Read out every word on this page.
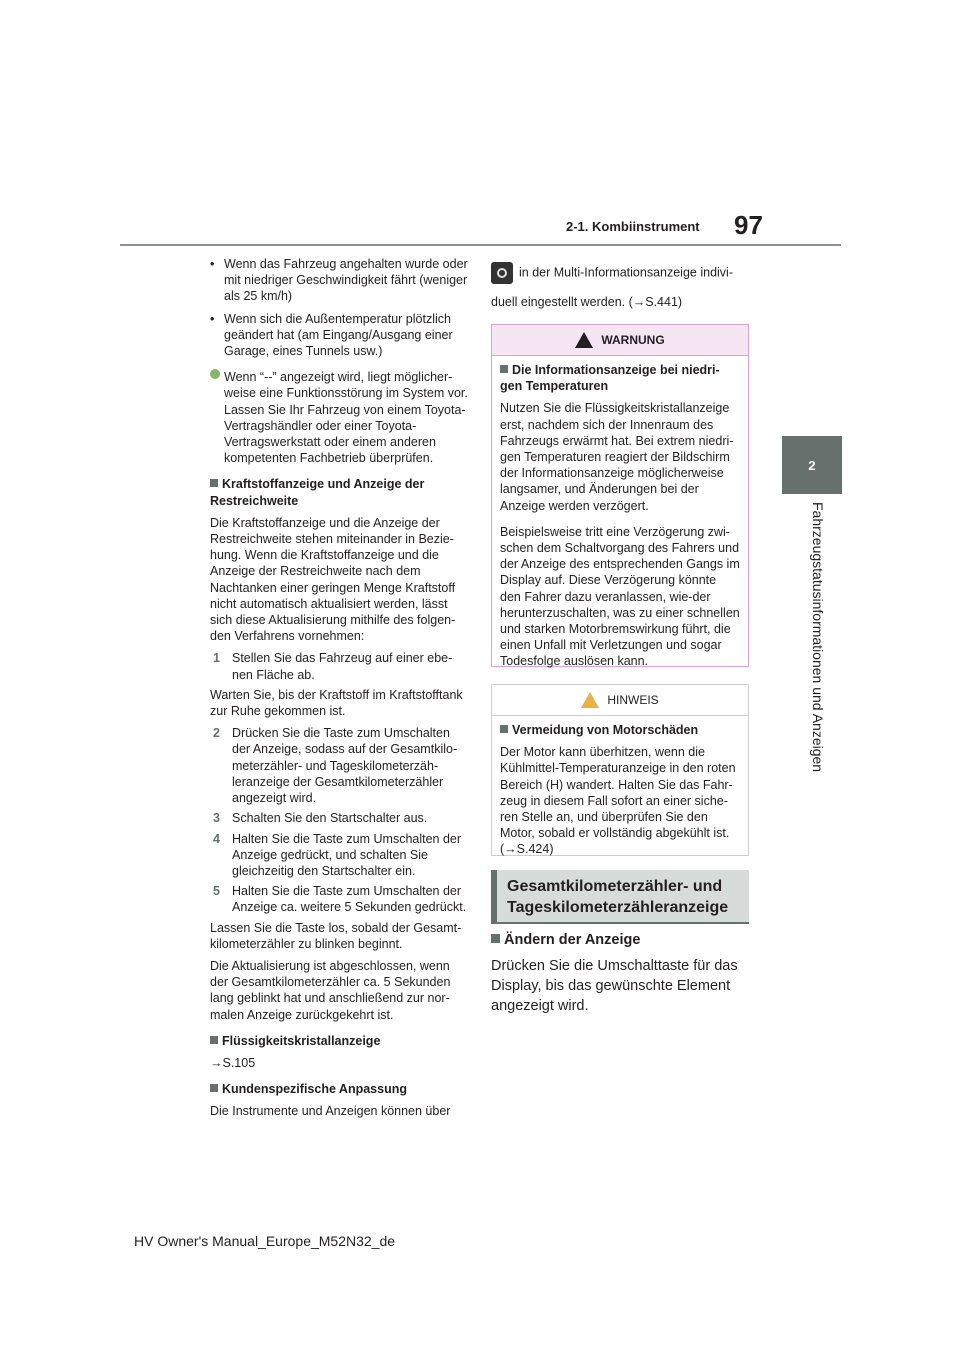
2-1. Kombiinstrument 97
2
Fahrzeugstatusinformationen und Anzeigen
• Wenn das Fahrzeug angehalten wurde oder mit niedriger Geschwindigkeit fährt (weniger als 25 km/h)
• Wenn sich die Außentemperatur plötzlich geändert hat (am Eingang/Ausgang einer Garage, eines Tunnels usw.)
Wenn “--” angezeigt wird, liegt möglicher-weise eine Funktionsstörung im System vor. Lassen Sie Ihr Fahrzeug von einem Toyota-Vertragshändler oder einer Toyota-Vertragswerkstatt oder einem anderen kompetenten Fachbetrieb überprüfen.
Kraftstoffanzeige und Anzeige der Restreichweite
Die Kraftstoffanzeige und die Anzeige der Restreichweite stehen miteinander in Bezie-hung. Wenn die Kraftstoffanzeige und die Anzeige der Restreichweite nach dem Nachtanken einer geringen Menge Kraftstoff nicht automatisch aktualisiert werden, lässt sich diese Aktualisierung mithilfe des folgen-den Verfahrens vornehmen:
1 Stellen Sie das Fahrzeug auf einer ebe-nen Fläche ab.
Warten Sie, bis der Kraftstoff im Kraftstofftank zur Ruhe gekommen ist.
2 Drücken Sie die Taste zum Umschalten der Anzeige, sodass auf der Gesamtkilo-meterzähler- und Tageskilometerzäh-leranzeige der Gesamtkilometerzähler angezeigt wird.
3 Schalten Sie den Startschalter aus.
4 Halten Sie die Taste zum Umschalten der Anzeige gedrückt, und schalten Sie gleichzeitig den Startschalter ein.
5 Halten Sie die Taste zum Umschalten der Anzeige ca. weitere 5 Sekunden gedrückt.
Lassen Sie die Taste los, sobald der Gesamt-kilometerzähler zu blinken beginnt.
Die Aktualisierung ist abgeschlossen, wenn der Gesamtkilometerzähler ca. 5 Sekunden lang geblinkt hat und anschließend zur nor-malen Anzeige zurückgekehrt ist.
Flüssigkeitskristallanzeige
→S.105
Kundenspezifische Anpassung
Die Instrumente und Anzeigen können über
in der Multi-Informationsanzeige indivi-
duell eingestellt werden. (→S.441)
WARNUNG
Die Informationsanzeige bei niedri-gen Temperaturen
Nutzen Sie die Flüssigkeitskristallanzeige erst, nachdem sich der Innenraum des Fahrzeugs erwärmt hat. Bei extrem niedri-gen Temperaturen reagiert der Bildschirm der Informationsanzeige möglicherweise langsamer, und Änderungen bei der Anzeige werden verzögert.
Beispielsweise tritt eine Verzögerung zwi-schen dem Schaltvorgang des Fahrers und der Anzeige des entsprechenden Gangs im Display auf. Diese Verzögerung könnte den Fahrer dazu veranlassen, wie-der herunterzuschalten, was zu einer schnellen und starken Motorbremswirkung führt, die einen Unfall mit Verletzungen und sogar Todesfolge auslösen kann.
HINWEIS
Vermeidung von Motorschäden
Der Motor kann überhitzen, wenn die Kühlmittel-Temperaturanzeige in den roten Bereich (H) wandert. Halten Sie das Fahr-zeug in diesem Fall sofort an einer siche-ren Stelle an, und überprüfen Sie den Motor, sobald er vollständig abgekühlt ist. (→S.424)
Gesamtkilometerzähler- und Tageskilometerzähleranzeige
Ändern der Anzeige
Drücken Sie die Umschalttaste für das Display, bis das gewünschte Element angezeigt wird.
HV Owner's Manual_Europe_M52N32_de
